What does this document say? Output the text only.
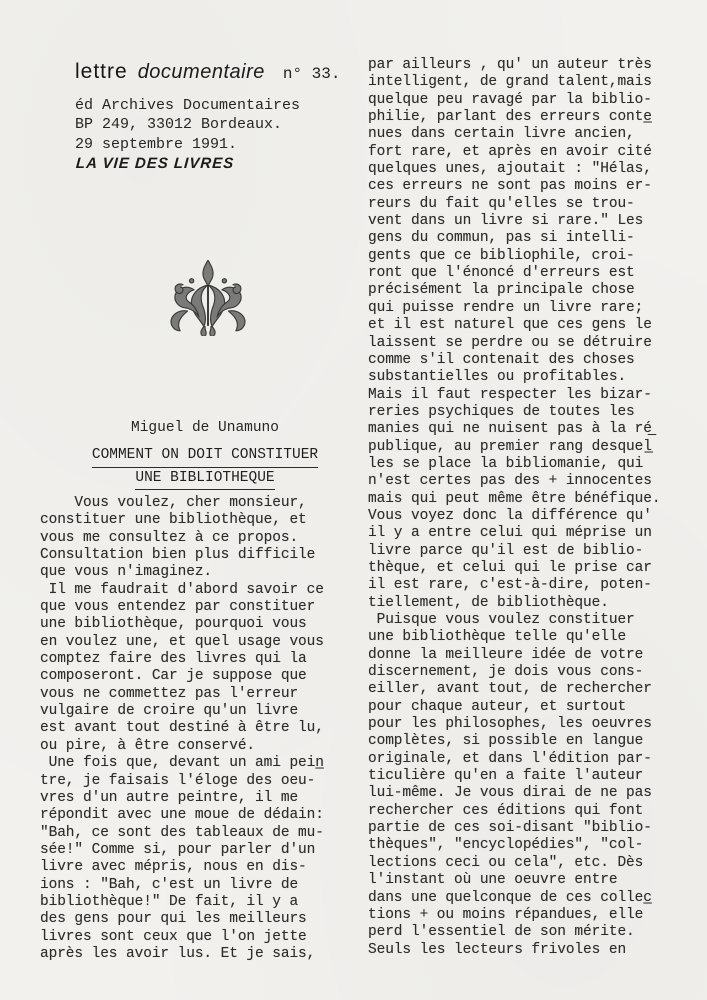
lettre documentaire n° 33.
éd Archives Documentaires
BP 249, 33012 Bordeaux.
29 septembre 1991.
LA VIE DES LIVRES
Miguel de Unamuno
COMMENT ON DOIT CONSTITUER
UNE BIBLIOTHEQUE
Vous voulez, cher monsieur,
constituer une bibliothèque, et
vous me consultez à ce propos.
Consultation bien plus difficile
que vous n'imaginez.
Il me faudrait d'abord savoir ce
que vous entendez par constituer
une bibliothèque, pourquoi vous
en voulez une, et quel usage vous
comptez faire des livres qui la
composeront. Car je suppose que
vous ne commettez pas l'erreur
vulgaire de croire qu'un livre
est avant tout destiné à être lu,
ou pire, à être conservé.
Une fois que, devant un ami pein̲
tre, je faisais l'éloge des oeu-
vres d'un autre peintre, il me
répondit avec une moue de dédain:
"Bah, ce sont des tableaux de mu-
sée!" Comme si, pour parler d'un
livre avec mépris, nous en dis-
ions : "Bah, c'est un livre de
bibliothèque!" De fait, il y a
des gens pour qui les meilleurs
livres sont ceux que l'on jette
après les avoir lus. Et je sais,
par ailleurs , qu' un auteur très
intelligent, de grand talent,mais
quelque peu ravagé par la biblio-
philie, parlant des erreurs conte̲
nues dans certain livre ancien,
fort rare, et après en avoir cité
quelques unes, ajoutait : "Hélas,
ces erreurs ne sont pas moins er-
reurs du fait qu'elles se trou-
vent dans un livre si rare." Les
gens du commun, pas si intelli-
gents que ce bibliophile, croi-
ront que l'énoncé d'erreurs est
précisément la principale chose
qui puisse rendre un livre rare;
et il est naturel que ces gens le
laissent se perdre ou se détruire
comme s'il contenait des choses
substantielles ou profitables.
Mais il faut respecter les bizar-
reries psychiques de toutes les
manies qui ne nuisent pas à la ré̲
publique, au premier rang desquel̲
les se place la bibliomanie, qui
n'est certes pas des + innocentes
mais qui peut même être bénéfique.
Vous voyez donc la différence qu'
il y a entre celui qui méprise un
livre parce qu'il est de biblio-
thèque, et celui qui le prise car
il est rare, c'est-à-dire, poten-
tiellement, de bibliothèque.
Puisque vous voulez constituer
une bibliothèque telle qu'elle
donne la meilleure idée de votre
discernement, je dois vous cons-
eiller, avant tout, de rechercher
pour chaque auteur, et surtout
pour les philosophes, les oeuvres
complètes, si possible en langue
originale, et dans l'édition par-
ticulière qu'en a faite l'auteur
lui-même. Je vous dirai de ne pas
rechercher ces éditions qui font
partie de ces soi-disant "biblio-
thèques", "encyclopédies", "col-
lections ceci ou cela", etc. Dès
l'instant où une oeuvre entre
dans une quelconque de ces collec̲
tions + ou moins répandues, elle
perd l'essentiel de son mérite.
Seuls les lecteurs frivoles en
